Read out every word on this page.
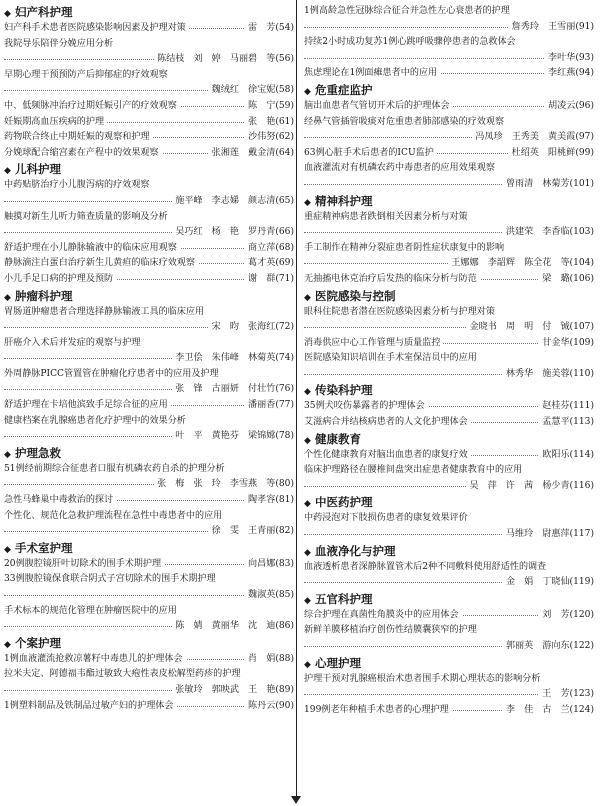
◆ 妇产科护理
妇产科手术患者医院感染影响因素及护理对策	雷　芳(54)
我院导乐陪伴分娩应用分析
陈结枝　刘　婷　马丽碧　等(56)
早期心理干预预防产后抑郁症的疗效观察
魏绒红　徐宝妮(58)
中、低频脉冲治疗过期妊娠引产的疗效观察	陈　宁(59)
妊娠期高血压疾病的护理	张　艳(61)
药物联合终止中期妊娠的观察和护理	沙伟努(62)
分娩球配合缩宫素在产程中的效果观察	张湘莲　戴金清(64)
◆ 儿科护理
中药贴脐治疗小儿腹泻病的疗效观察
施平峰　李志娣　颜志清(65)
触摸对新生儿听力筛查质量的影响及分析
吴巧红　杨　艳　罗丹青(66)
舒适护理在小儿静脉输液中的临床应用观察	商立萍(68)
静脉滴注白蛋白治疗新生儿黄疸的临床疗效观察	葛才英(69)
小儿手足口病的护理及预防	谢　群(71)
◆ 肿瘤科护理
胃肠道肿瘤患者合理选择静脉输液工具的临床应用
宋　昀　张海红(72)
肝癌介入术后并发症的观察与护理
李卫侩　朱伟峰　林菊英(74)
外周静脉PICC管置管在肿瘤化疗患者中的应用及护理
张　锋　古丽妍　付壮竹(76)
舒适护理在卡培他滨致手足综合征的应用	潘丽香(77)
健康档案在乳腺癌患者化疗护理中的效果分析
叶　平　黄艳芬　梁锦嫦(78)
◆ 护理急救
51例经前期综合征患者口服有机磷农药自杀的护理分析
张　梅　张　玲　李雪燕　等(80)
急性马蜂巢中毒救治的探讨	陶孝容(81)
个性化、规范化急救护理流程在急性中毒患者中的应用
徐　雯　王青丽(82)
◆ 手术室护理
20例腹腔镜肝叶切除术的围手术期护理	向昌娜(83)
33例腹腔镜保食联合阴式子宫切除术的围手术期护理
魏淑英(85)
手术标本的规范化管理在肿瘤医院中的应用
陈　婧　黄丽华　沈　迪(86)
◆ 个案护理
1例血液灌流抢救凉薯籽中毒患儿的护理体会	肖　娟(88)
拉米夫定、阿德福韦酯过敏致大疱性表皮松解型药疹的护理
张敏玲　郭映武　王　艳(89)
1例塑料制品及铁制品过敏产妇的护理体会	陈丹云(90)
1例高龄急性冠脉综合征合并急性左心衰患者的护理
詹秀玲　王雪丽(91)
持续2小时成功复苏1例心跳呼吸骤停患者的急救体会
李叶华(93)
焦虑理论在1例面瘫患者中的应用	李红燕(94)
◆ 危重症监护
脑出血患者气管切开术后的护理体会	胡凌云(96)
经鼻气管插管吸痰对危重患者肺部感染的疗效观察
冯凤珍　王秀美　黄美霞(97)
63例心脏手术后患者的ICU监护	杜绍英　阳桃鲜(99)
血液灌流对有机磷农药中毒患者的应用效果观察
曾雨清　林菊芳(101)
◆ 精神科护理
重症精神病患者跌倒相关因素分析与对策
洪建荣　李香临(103)
手工制作在精神分裂症患者阴性症状康复中的影响
王娜娜　李韶辉　陈全花　等(104)
无抽搐电休克治疗后发热的临床分析与防范	梁　璐(106)
◆ 医院感染与控制
眼科住院患者潜在医院感染因素分析与护理对策
金晓书　周　明　付　铖(107)
消毒供应中心工作管理与质量监控	甘金华(109)
医院感染知识培训在手术室保洁员中的应用
林秀华　施美蓉(110)
◆ 传染科护理
35例犬咬伤暴露者的护理体会	赵桂芬(111)
艾滋病合并结核病患者的人文化护理体会	孟慧平(113)
◆ 健康教育
个性化健康教育对脑出血患者的康复疗效	欧阳乐(114)
临床护理路径在腰椎间盘突出症患者健康教育中的应用
吴　萍　许　茜　杨少青(116)
◆ 中医药护理
中药浸泡对下肢损伤患者的康复效果评价
马维玲　尉惠萍(117)
◆ 血液净化与护理
血液透析患者深静脉置管术后2种不同敷料使用舒适性的调查
金　娟　丁晓仙(119)
◆ 五官科护理
综合护理在真菌性角膜炎中的应用体会	刘　芳(120)
新鲜羊膜移植治疗创伤性结膜囊狭窄的护理
郭丽英　游向东(122)
◆ 心理护理
护理干预对乳腺癌根治术患者围手术期心理状态的影响分析
王　芳(123)
199例老年种植手术患者的心理护理	李　佳　古　兰(124)
